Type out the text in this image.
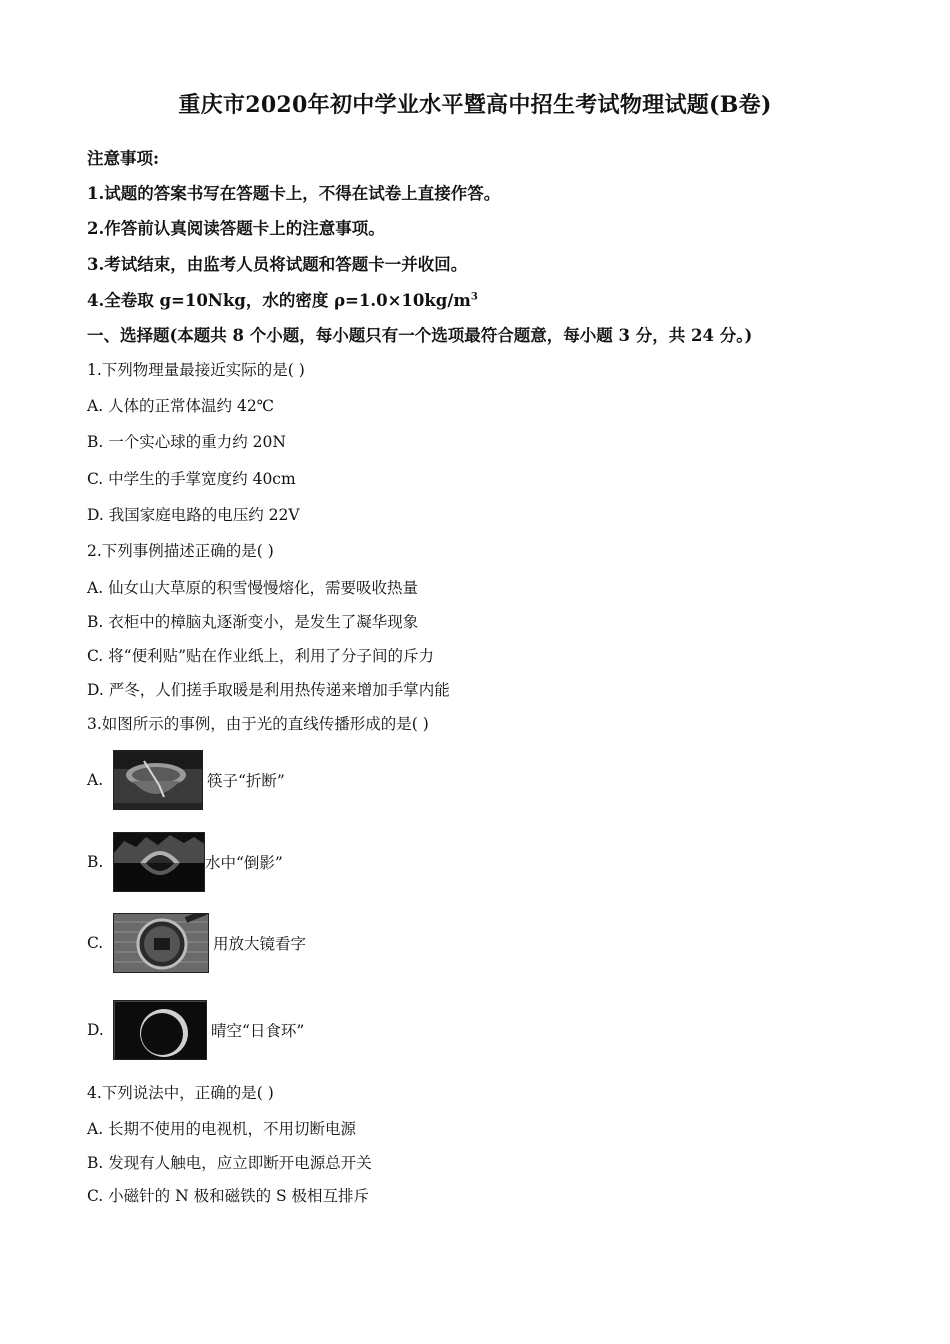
重庆市2020年初中学业水平暨高中招生考试物理试题(B卷)
注意事项:
1.试题的答案书写在答题卡上，不得在试卷上直接作答。
2.作答前认真阅读答题卡上的注意事项。
3.考试结束，由监考人员将试题和答题卡一并收回。
4.全卷取 g=10Nkg，水的密度 $\rho=1.0\times 10kg/m^3$
一、选择题(本题共 8 个小题，每小题只有一个选项最符合题意，每小题 3 分，共 24 分。)
1.下列物理量最接近实际的是( )
A. 人体的正常体温约 42℃
B. 一个实心球的重力约 20N
C. 中学生的手掌宽度约 40cm
D. 我国家庭电路的电压约 22V
2.下列事例描述正确的是( )
A. 仙女山大草原的积雪慢慢熔化，需要吸收热量
B. 衣柜中的樟脑丸逐渐变小，是发生了凝华现象
C. 将“便利贴”贴在作业纸上，利用了分子间的斥力
D. 严冬，人们搓手取暖是利用热传递来增加手掌内能
3.如图所示的事例，由于光的直线传播形成的是( )
A.	筷子“折断”
B.	水中“倒影”
C.	用放大镜看字
D.	晴空“日食环”
4.下列说法中，正确的是( )
A. 长期不使用的电视机，不用切断电源
B. 发现有人触电，应立即断开电源总开关
C. 小磁针的 N 极和磁铁的 S 极相互排斥
